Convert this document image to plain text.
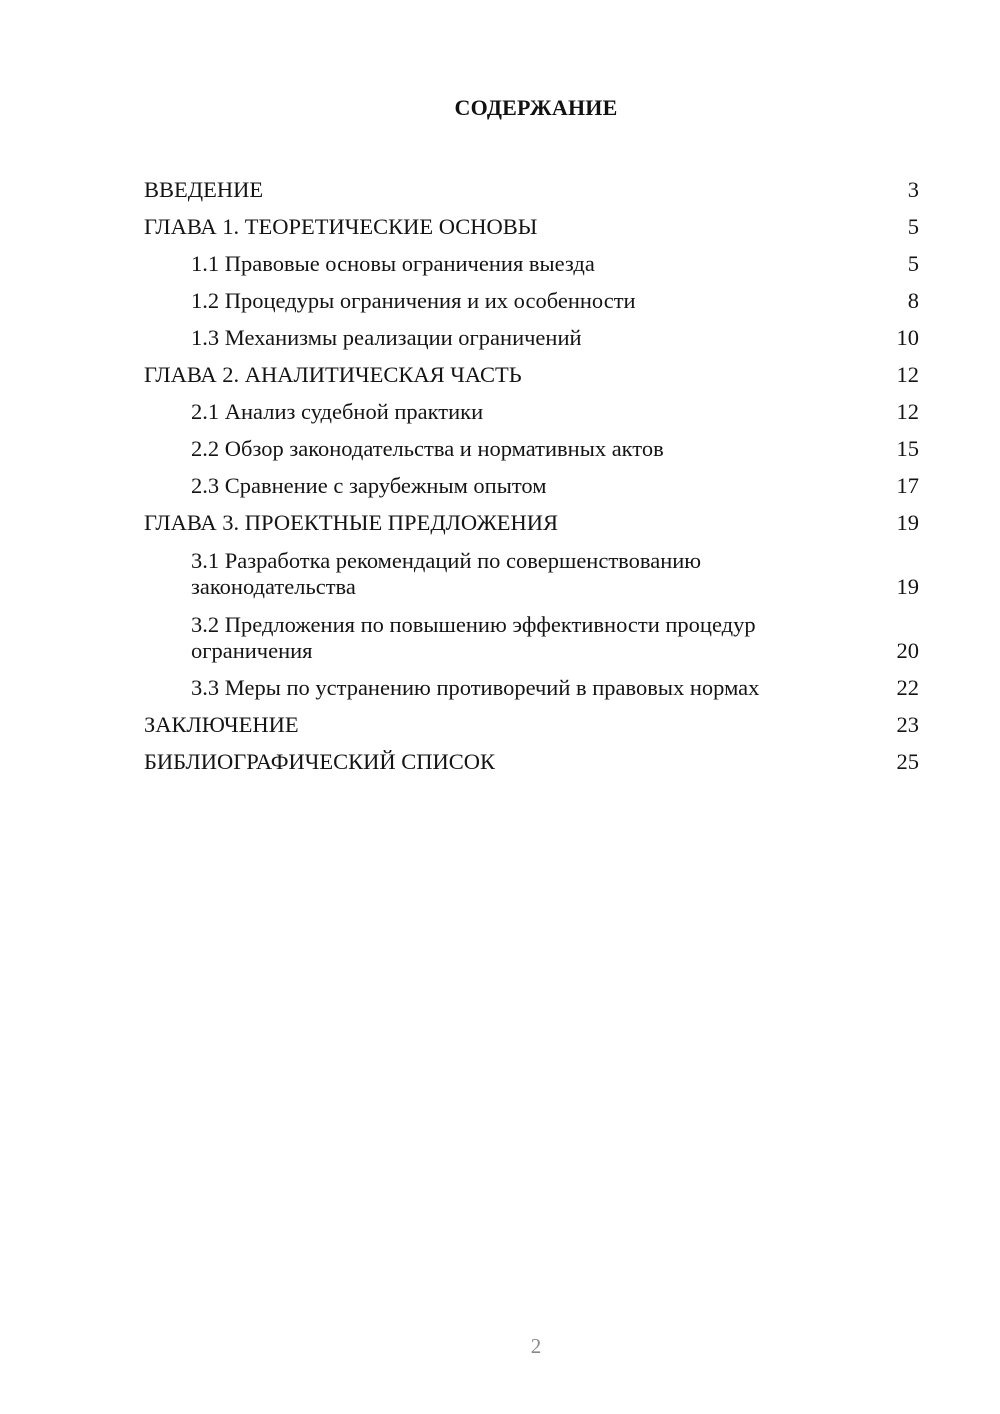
СОДЕРЖАНИЕ
ВВЕДЕНИЕ	3
ГЛАВА 1. ТЕОРЕТИЧЕСКИЕ ОСНОВЫ	5
1.1 Правовые основы ограничения выезда	5
1.2 Процедуры ограничения и их особенности	8
1.3 Механизмы реализации ограничений	10
ГЛАВА 2. АНАЛИТИЧЕСКАЯ ЧАСТЬ	12
2.1 Анализ судебной практики	12
2.2 Обзор законодательства и нормативных актов	15
2.3 Сравнение с зарубежным опытом	17
ГЛАВА 3. ПРОЕКТНЫЕ ПРЕДЛОЖЕНИЯ	19
3.1 Разработка рекомендаций по совершенствованию законодательства	19
3.2 Предложения по повышению эффективности процедур ограничения	20
3.3 Меры по устранению противоречий в правовых нормах	22
ЗАКЛЮЧЕНИЕ	23
БИБЛИОГРАФИЧЕСКИЙ СПИСОК	25
2
